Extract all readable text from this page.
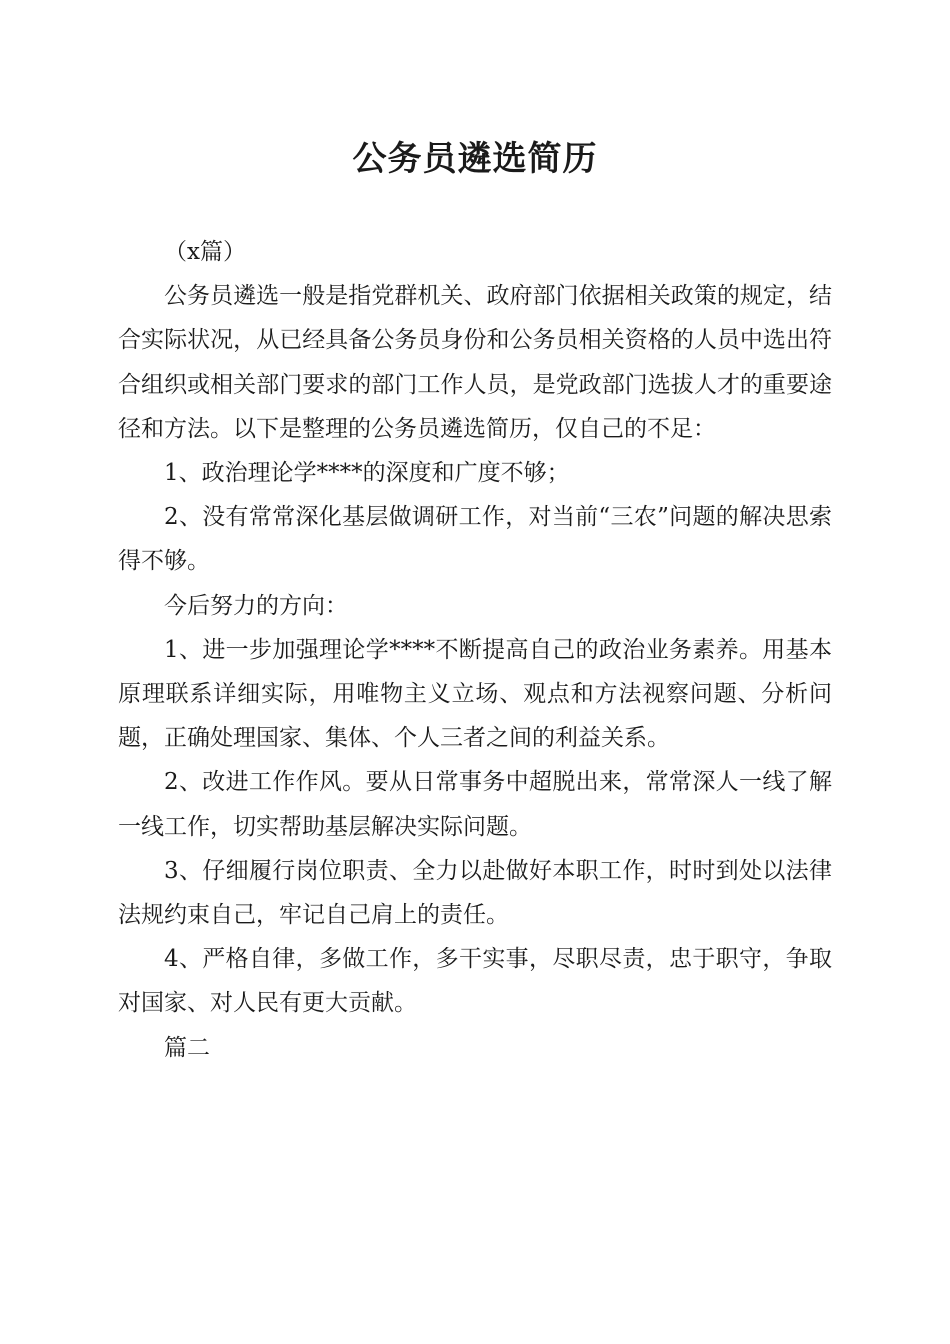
公务员遴选简历

（x篇）

公务员遴选一般是指党群机关、政府部门依据相关政策的规定，结合实际状况，从已经具备公务员身份和公务员相关资格的人员中选出符合组织或相关部门要求的部门工作人员，是党政部门选拔人才的重要途径和方法。以下是整理的公务员遴选简历，仅自己的不足：

1、政治理论学****的深度和广度不够；

2、没有常常深化基层做调研工作，对当前“三农”问题的解决思索得不够。

今后努力的方向：

1、进一步加强理论学****不断提高自己的政治业务素养。用基本原理联系详细实际，用唯物主义立场、观点和方法视察问题、分析问题，正确处理国家、集体、个人三者之间的利益关系。

2、改进工作作风。要从日常事务中超脱出来，常常深人一线了解一线工作，切实帮助基层解决实际问题。

3、仔细履行岗位职责、全力以赴做好本职工作，时时到处以法律法规约束自己，牢记自己肩上的责任。

4、严格自律，多做工作，多干实事，尽职尽责，忠于职守，争取对国家、对人民有更大贡献。

篇二
